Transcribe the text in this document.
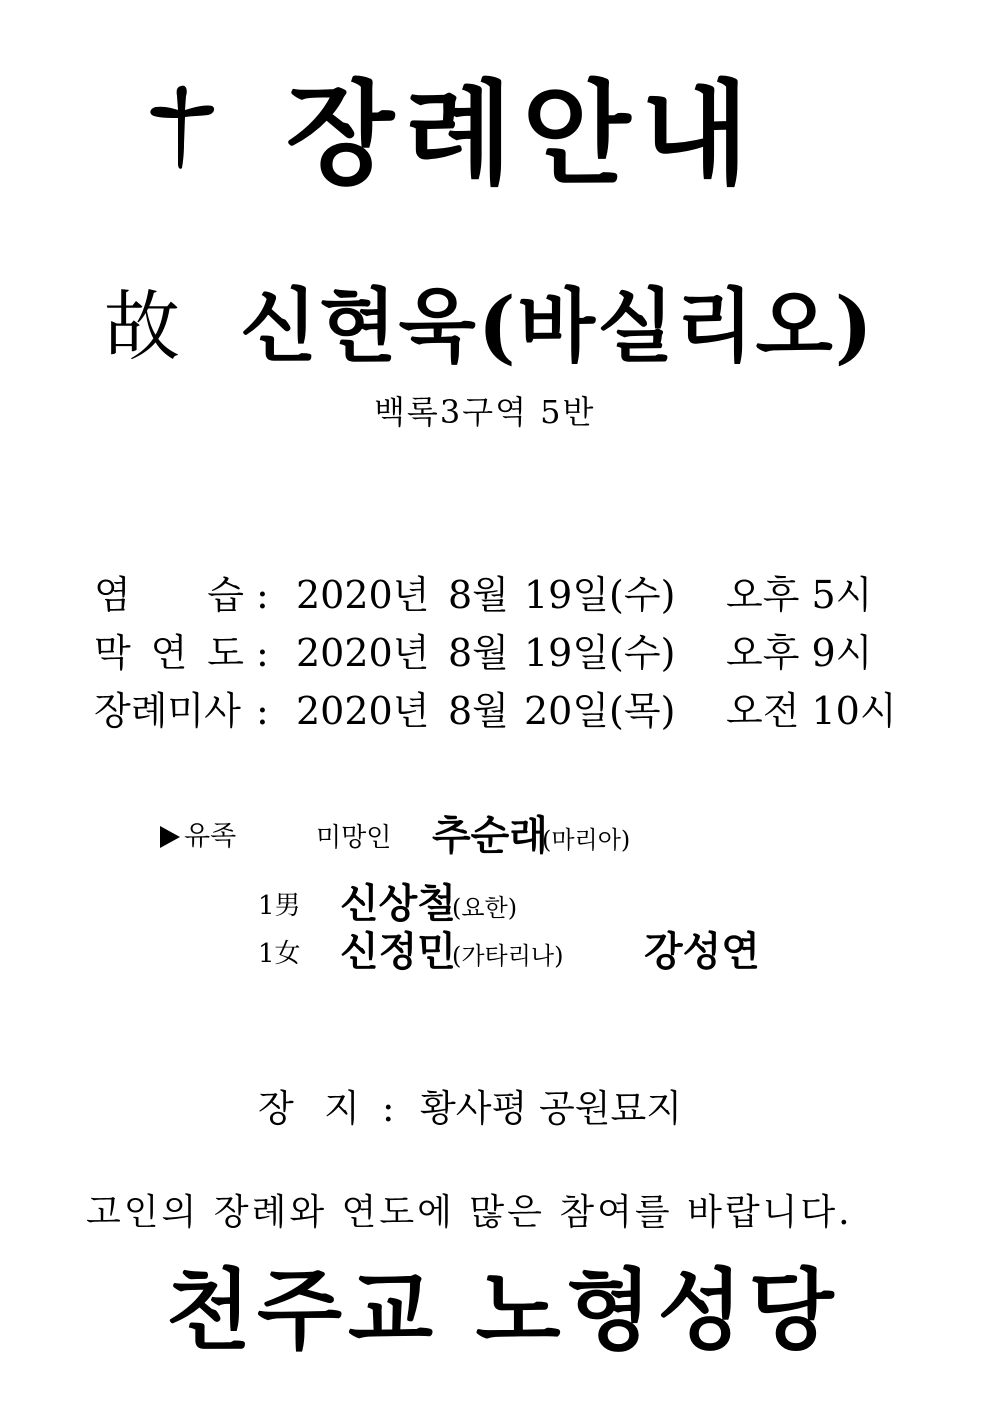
장례안내
故 신현욱(바실리오)
백록3구역 5반
염 습 : 2020년 8월 19일(수) 오후 5시
막 연 도 : 2020년 8월 19일(수) 오후 9시
장례미사 : 2020년 8월 20일(목) 오전 10시
유족	미망인 추순래
(마리아)
1男 신상철
(요한)
1女 신정민
(가타리나) 강성연
장 지 : 황사평 공원묘지
고인의 장례와 연도에 많은 참여를 바랍니다.
천주교 노형성당
